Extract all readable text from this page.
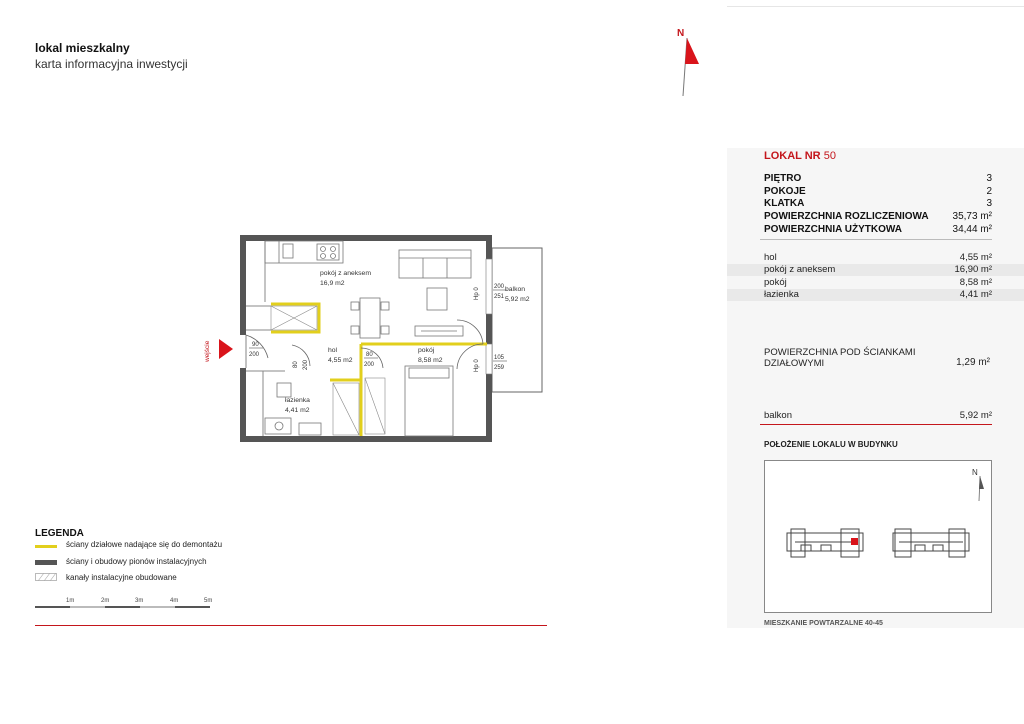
lokal mieszkalny
karta informacyjna inwestycji
N
LOKAL NR 50
PIĘTRO	3
POKOJE	2
KLATKA	3
POWIERZCHNIA ROZLICZENIOWA 35,73 m²
POWIERZCHNIA UŻYTKOWA	34,44 m²
hol	4,55 m²
pokój z aneksem	16,90 m²
pokój	8,58 m²
łazienka	4,41 m²
POWIERZCHNIA POD ŚCIANKAMI
DZIAŁOWYMI	1,29 m²
balkon	5,92 m²
POŁOŻENIE LOKALU W BUDYNKU
N
MIESZKANIE POWTARZALNE 40-45
wejście
pokój z aneksem
16,9 m2
hol
4,55 m2
pokój
8,58 m2
łazienka
4,41 m2
balkon
5,92 m2
90
200	80
200
80 200
200
251
Hp 0
105
259
Hp 0
LEGENDA
ściany działowe nadające się do demontażu
ściany i obudowy pionów instalacyjnych
kanały instalacyjne obudowane
1m	2m	3m	4m	5m
